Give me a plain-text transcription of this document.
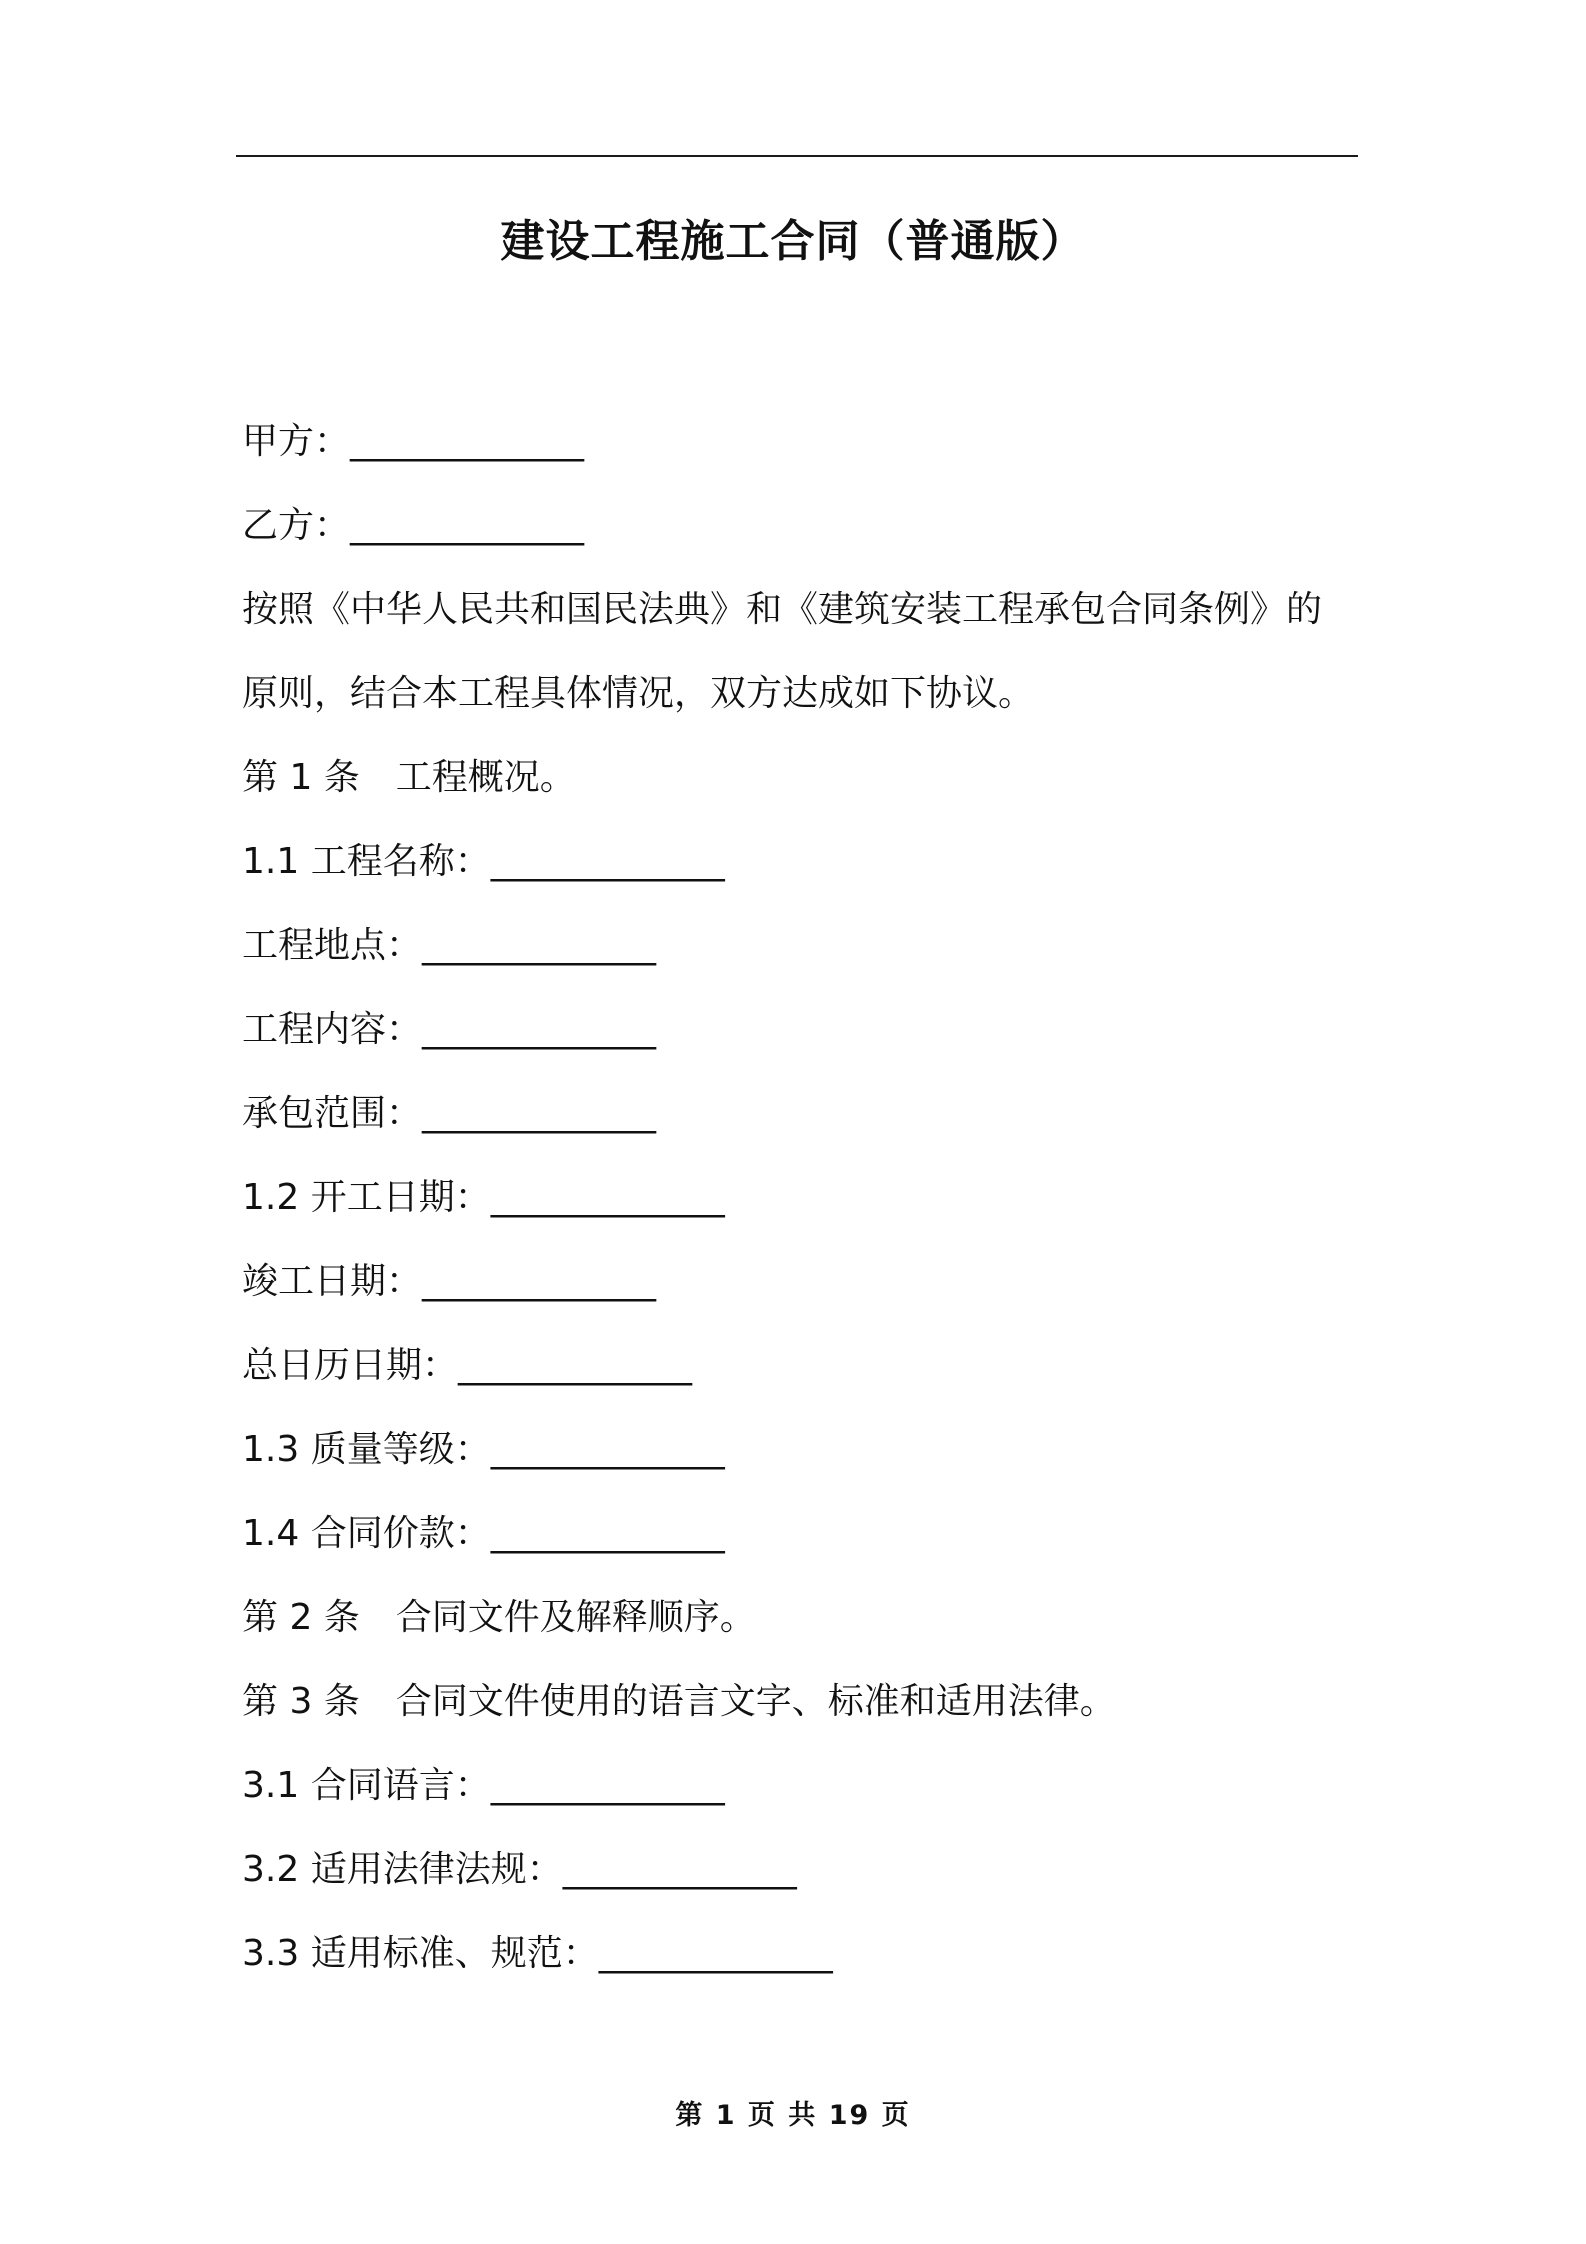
建设工程施工合同（普通版）
甲方：_____________
乙方：_____________
按照《中华人民共和国民法典》和《建筑安装工程承包合同条例》的
原则，结合本工程具体情况，双方达成如下协议。
第 1 条　工程概况。
1.1 工程名称：_____________
工程地点：_____________
工程内容：_____________
承包范围：_____________
1.2 开工日期：_____________
竣工日期：_____________
总日历日期：_____________
1.3 质量等级：_____________
1.4 合同价款：_____________
第 2 条　合同文件及解释顺序。
第 3 条　合同文件使用的语言文字、标准和适用法律。
3.1 合同语言：_____________
3.2 适用法律法规：_____________
3.3 适用标准、规范：_____________
第 1 页 共 19 页
